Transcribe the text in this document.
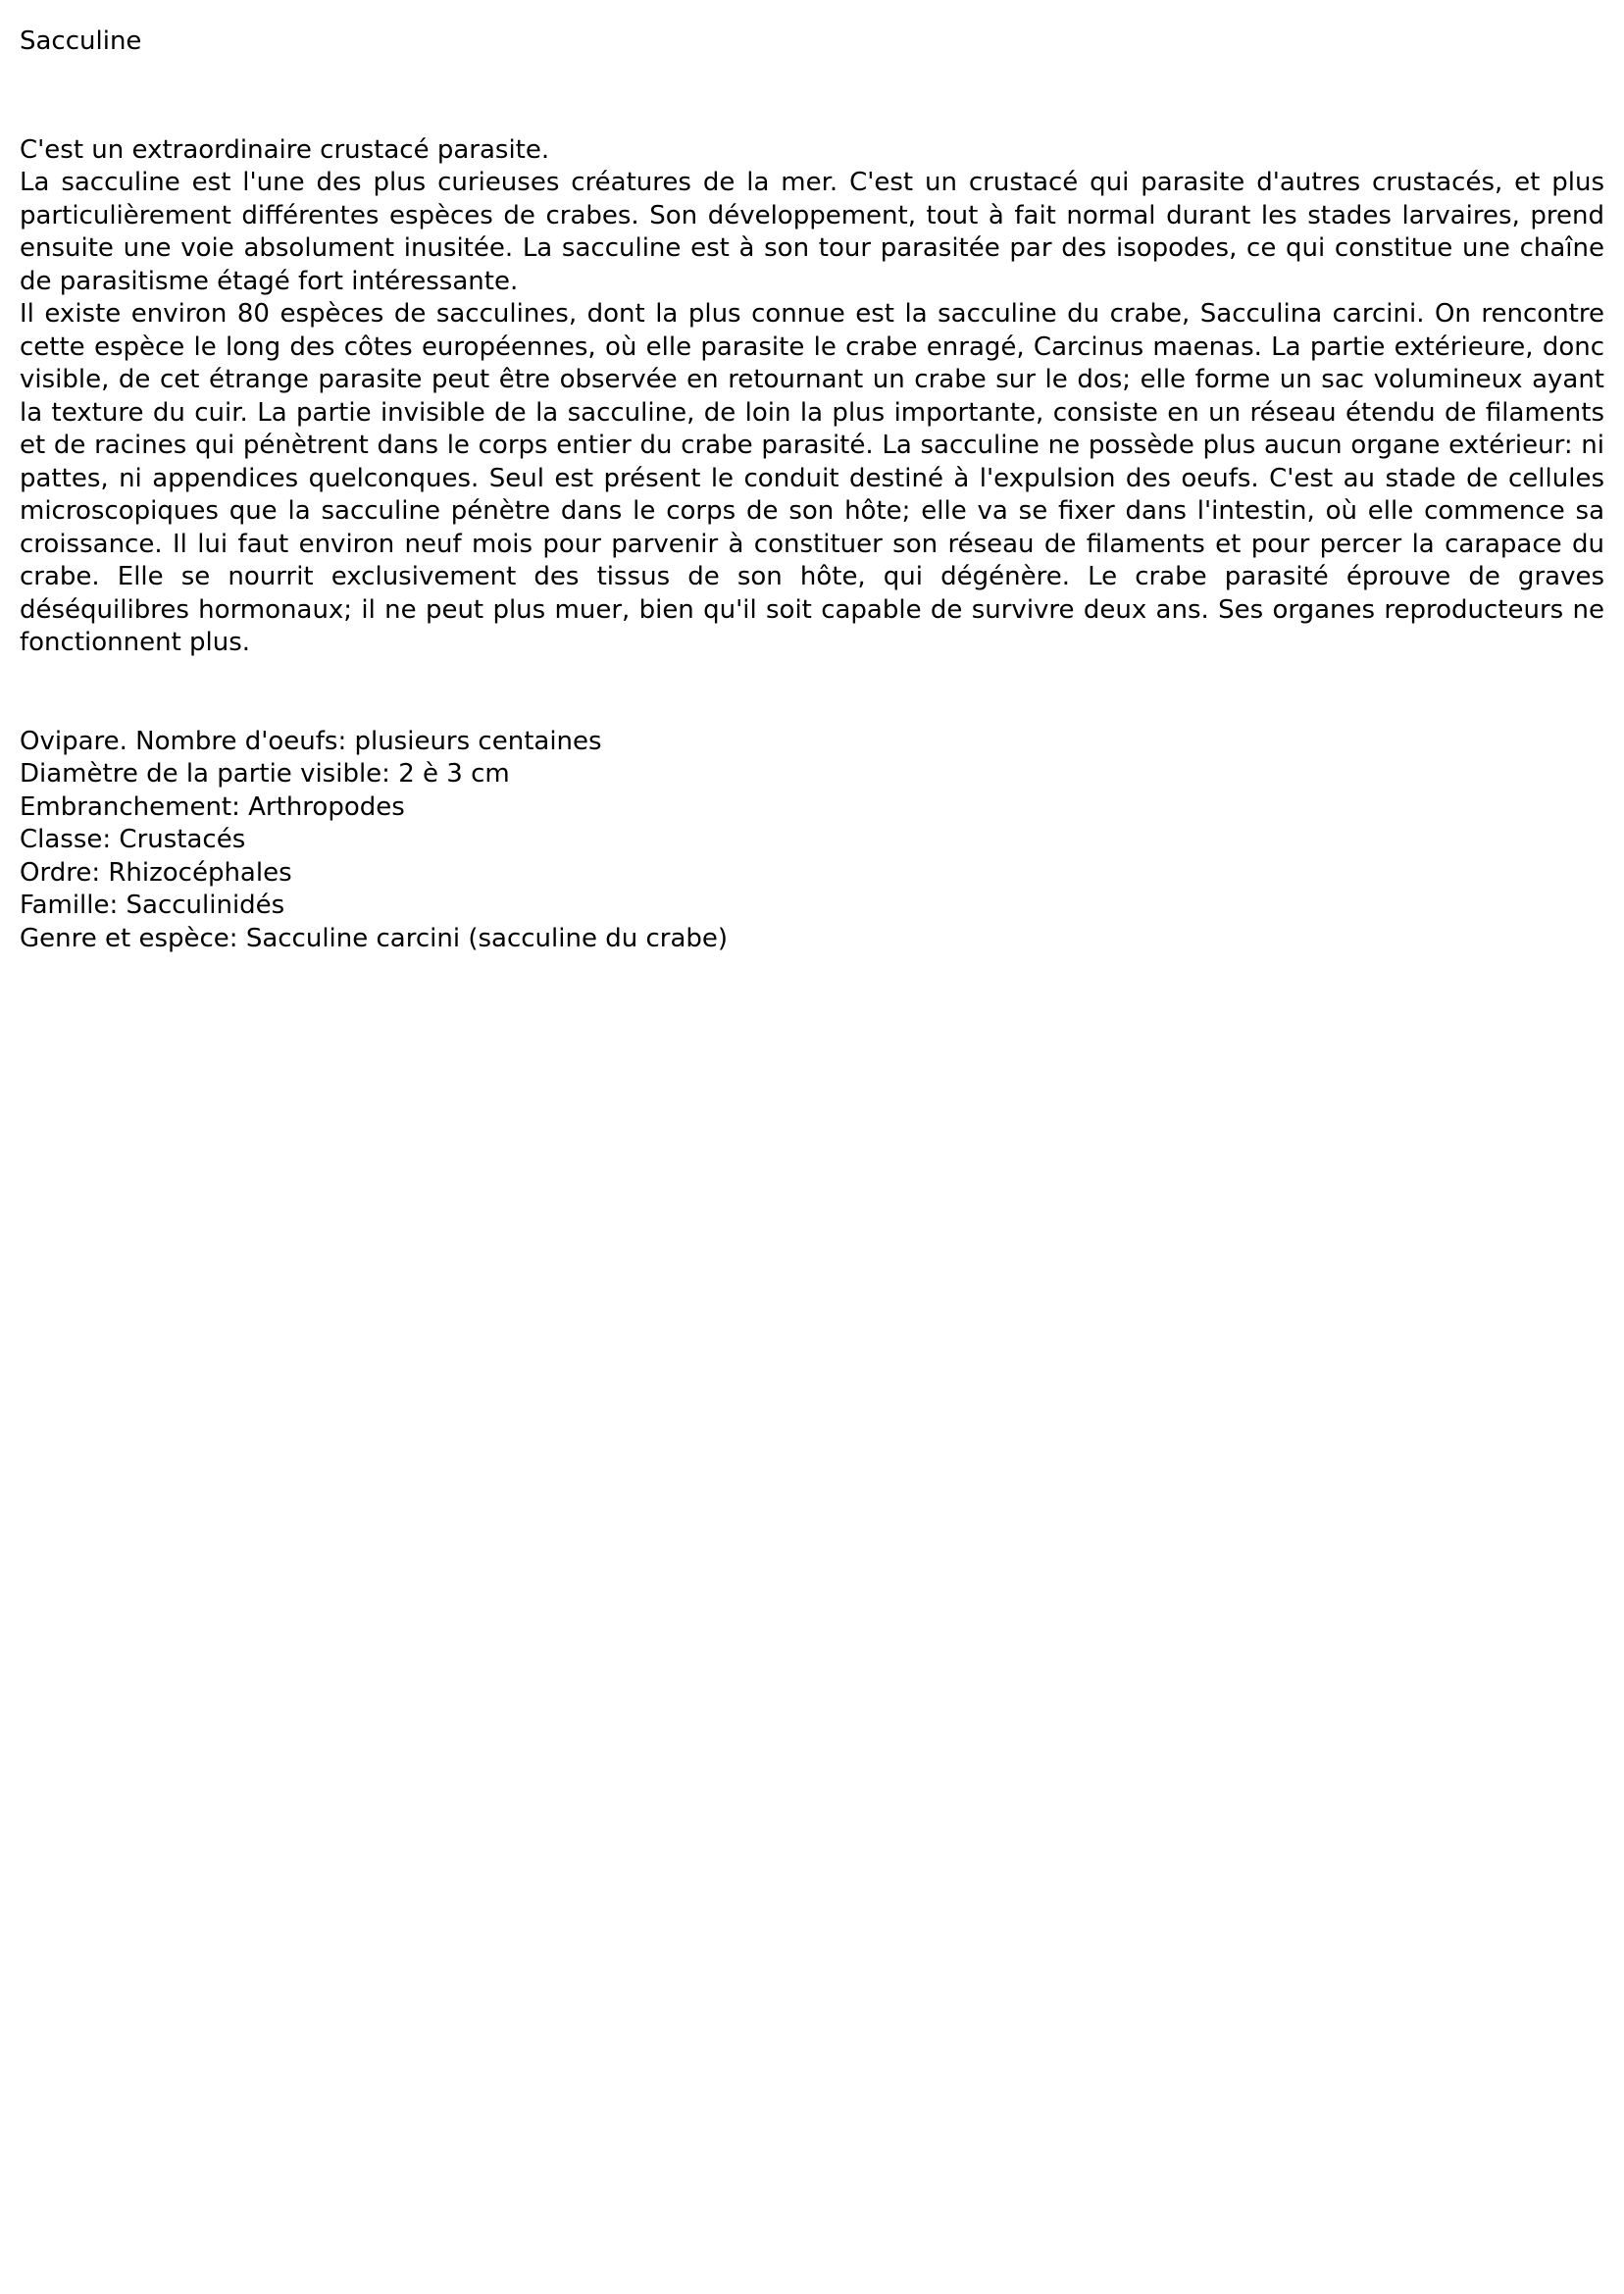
Sacculine

C'est un extraordinaire crustacé parasite.

La sacculine est l'une des plus curieuses créatures de la mer. C'est un crustacé qui parasite d'autres crustacés, et plus particulièrement différentes espèces de crabes. Son développement, tout à fait normal durant les stades larvaires, prend ensuite une voie absolument inusitée. La sacculine est à son tour parasitée par des isopodes, ce qui constitue une chaîne de parasitisme étagé fort intéressante.

Il existe environ 80 espèces de sacculines, dont la plus connue est la sacculine du crabe, Sacculina carcini. On rencontre cette espèce le long des côtes européennes, où elle parasite le crabe enragé, Carcinus maenas. La partie extérieure, donc visible, de cet étrange parasite peut être observée en retournant un crabe sur le dos; elle forme un sac volumineux ayant la texture du cuir. La partie invisible de la sacculine, de loin la plus importante, consiste en un réseau étendu de filaments et de racines qui pénètrent dans le corps entier du crabe parasité. La sacculine ne possède plus aucun organe extérieur: ni pattes, ni appendices quelconques. Seul est présent le conduit destiné à l'expulsion des oeufs. C'est au stade de cellules microscopiques que la sacculine pénètre dans le corps de son hôte; elle va se fixer dans l'intestin, où elle commence sa croissance. Il lui faut environ neuf mois pour parvenir à constituer son réseau de filaments et pour percer la carapace du crabe. Elle se nourrit exclusivement des tissus de son hôte, qui dégénère. Le crabe parasité éprouve de graves déséquilibres hormonaux; il ne peut plus muer, bien qu'il soit capable de survivre deux ans. Ses organes reproducteurs ne fonctionnent plus.

Ovipare. Nombre d'oeufs: plusieurs centaines
Diamètre de la partie visible: 2 è 3 cm
Embranchement: Arthropodes
Classe: Crustacés
Ordre: Rhizocéphales
Famille: Sacculinidés
Genre et espèce: Sacculine carcini (sacculine du crabe)
